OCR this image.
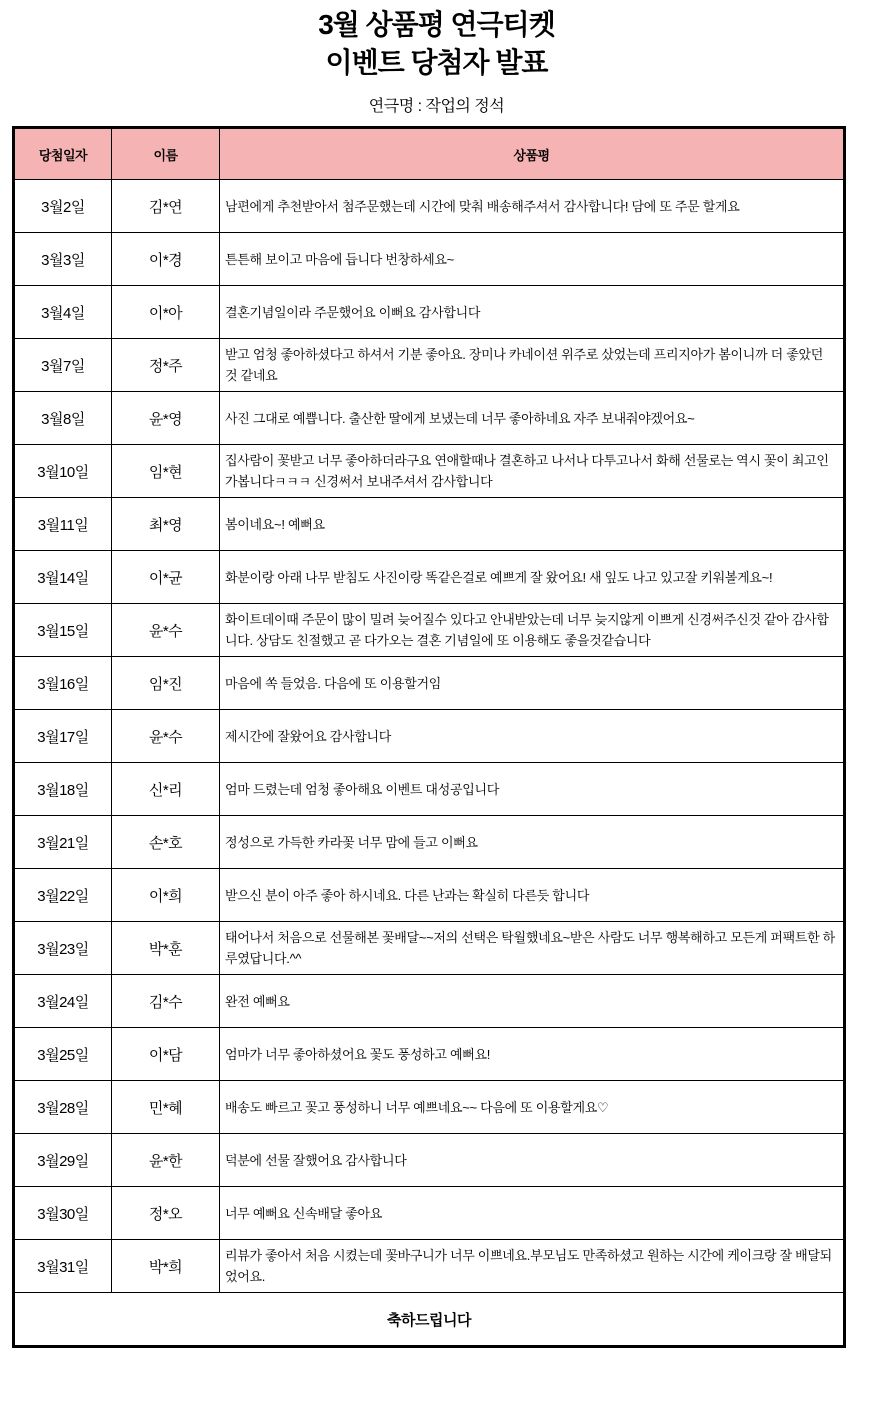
3월 상품평 연극티켓
이벤트 당첨자 발표
연극명 : 작업의 정석
당첨일자	이름	상품평
3월2일	김*연	남편에게 추천받아서 첨주문했는데 시간에 맞춰 배송해주셔서 감사합니다! 담에 또 주문 할게요
3월3일	이*경	튼튼해 보이고 마음에 듭니다 번창하세요~
3월4일	이*아	결혼기념일이라 주문했어요 이뻐요 감사합니다
3월7일	정*주	받고 엄청 좋아하셨다고 하셔서 기분 좋아요. 장미나 카네이션 위주로 샀었는데 프리지아가 봄이니까 더 좋았던 것 같네요
3월8일	윤*영	사진 그대로 예쁩니다. 출산한 딸에게 보냈는데 너무 좋아하네요 자주 보내줘야겠어요~
3월10일	임*현	집사람이 꽃받고 너무 좋아하더라구요 연애할때나 결혼하고 나서나 다투고나서 화해 선물로는 역시 꽃이 최고인가봅니다ㅋㅋㅋ 신경써서 보내주셔서 감사합니다
3월11일	최*영	봄이네요~! 예뻐요
3월14일	이*균	화분이랑 아래 나무 받침도 사진이랑 똑같은걸로 예쁘게 잘 왔어요! 새 잎도 나고 있고잘 키워볼게요~!
3월15일	윤*수	화이트데이때 주문이 많이 밀려 늦어질수 있다고 안내받았는데 너무 늦지않게 이쁘게 신경써주신것 같아 감사합니다. 상담도 친절했고 곧 다가오는 결혼 기념일에 또 이용해도 좋을것같습니다
3월16일	임*진	마음에 쏙 들었음. 다음에 또 이용할거임
3월17일	윤*수	제시간에 잘왔어요 감사합니다
3월18일	신*리	엄마 드렸는데 엄청 좋아해요 이벤트 대성공입니다
3월21일	손*호	정성으로 가득한 카라꽃 너무 맘에 들고 이뻐요
3월22일	이*희	받으신 분이 아주 좋아 하시네요. 다른 난과는 확실히 다른듯 합니다
3월23일	박*훈	태어나서 처음으로 선물해본 꽃배달~~저의 선택은 탁월했네요~받은 사람도 너무 행복해하고 모든게 퍼팩트한 하루였답니다.^^
3월24일	김*수	완전 예뻐요
3월25일	이*담	엄마가 너무 좋아하셨어요 꽃도 풍성하고 예뻐요!
3월28일	민*혜	배송도 빠르고 꽃고 풍성하니 너무 예쁘네요~~ 다음에 또 이용할게요♡
3월29일	윤*한	덕분에 선물 잘했어요 감사합니다
3월30일	정*오	너무 예뻐요 신속배달 좋아요
3월31일	박*희	리뷰가 좋아서 처음 시켰는데 꽃바구니가 너무 이쁘네요.부모님도 만족하셨고 원하는 시간에 케이크랑 잘 배달되었어요.
축하드립니다		
